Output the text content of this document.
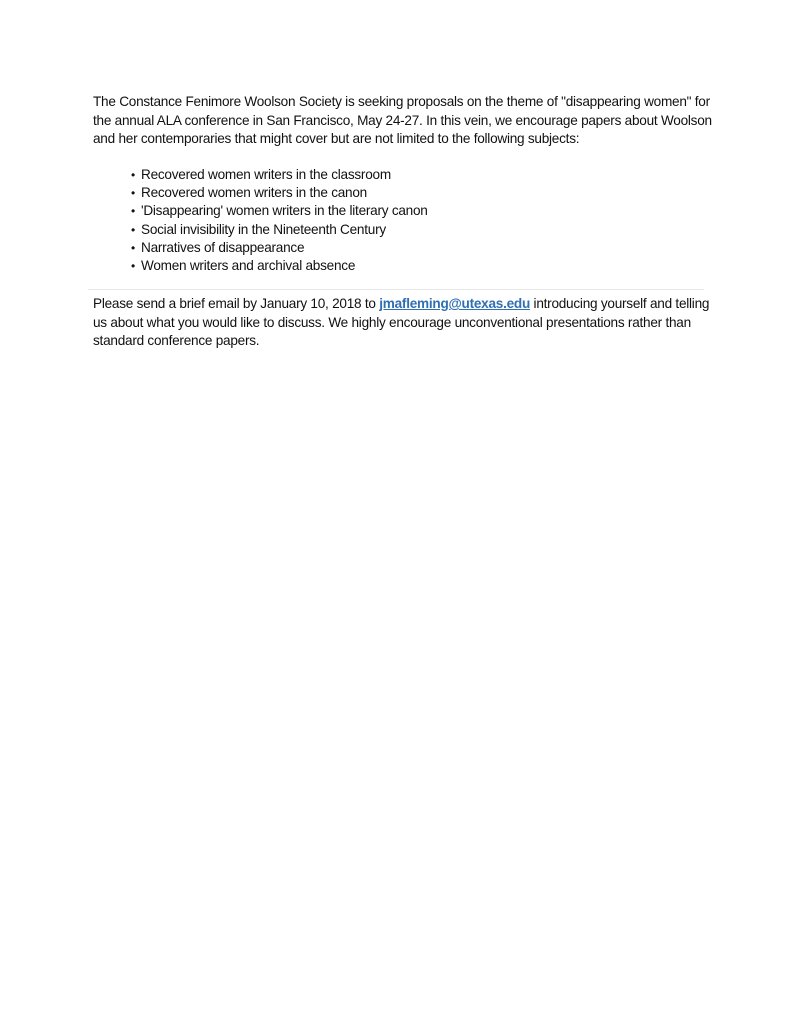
The Constance Fenimore Woolson Society is seeking proposals on the theme of "disappearing women" for the annual ALA conference in San Francisco, May 24-27. In this vein, we encourage papers about Woolson and her contemporaries that might cover but are not limited to the following subjects:

• Recovered women writers in the classroom
• Recovered women writers in the canon
• 'Disappearing' women writers in the literary canon
• Social invisibility in the Nineteenth Century
• Narratives of disappearance
• Women writers and archival absence

Please send a brief email by January 10, 2018 to jmafleming@utexas.edu introducing yourself and telling us about what you would like to discuss. We highly encourage unconventional presentations rather than standard conference papers.
